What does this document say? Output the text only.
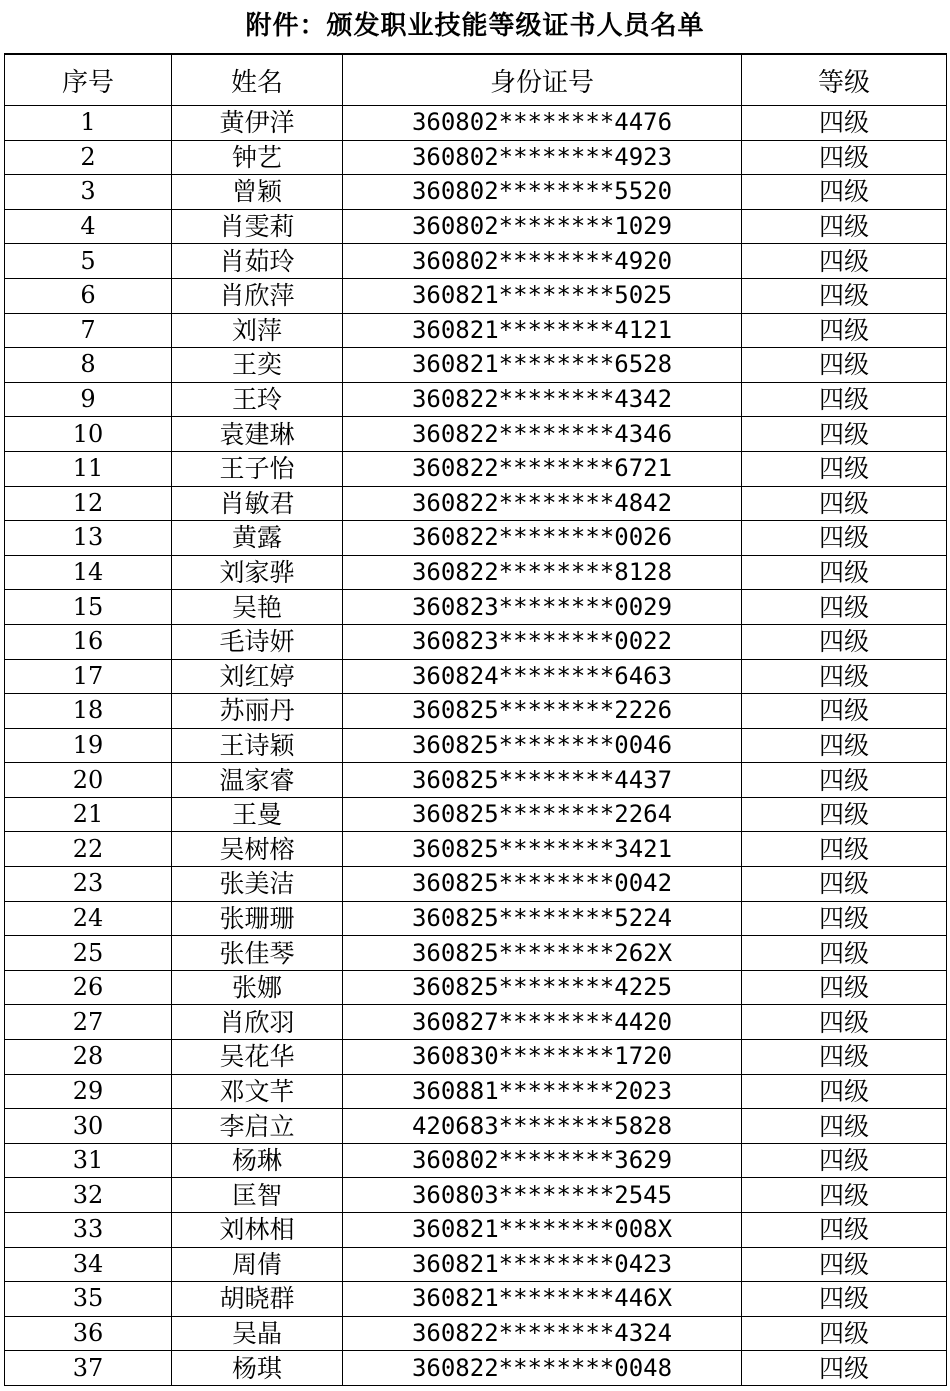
附件：颁发职业技能等级证书人员名单
序号	姓名	身份证号	等级
1	黄伊洋	360802********4476	四级
2	钟艺	360802********4923	四级
3	曾颖	360802********5520	四级
4	肖雯莉	360802********1029	四级
5	肖茹玲	360802********4920	四级
6	肖欣萍	360821********5025	四级
7	刘萍	360821********4121	四级
8	王奕	360821********6528	四级
9	王玲	360822********4342	四级
10	袁建琳	360822********4346	四级
11	王子怡	360822********6721	四级
12	肖敏君	360822********4842	四级
13	黄露	360822********0026	四级
14	刘家骅	360822********8128	四级
15	吴艳	360823********0029	四级
16	毛诗妍	360823********0022	四级
17	刘红婷	360824********6463	四级
18	苏丽丹	360825********2226	四级
19	王诗颖	360825********0046	四级
20	温家睿	360825********4437	四级
21	王曼	360825********2264	四级
22	吴树榕	360825********3421	四级
23	张美洁	360825********0042	四级
24	张珊珊	360825********5224	四级
25	张佳琴	360825********262X	四级
26	张娜	360825********4225	四级
27	肖欣羽	360827********4420	四级
28	吴花华	360830********1720	四级
29	邓文芊	360881********2023	四级
30	李启立	420683********5828	四级
31	杨琳	360802********3629	四级
32	匡智	360803********2545	四级
33	刘林相	360821********008X	四级
34	周倩	360821********0423	四级
35	胡晓群	360821********446X	四级
36	吴晶	360822********4324	四级
37	杨琪	360822********0048	四级
